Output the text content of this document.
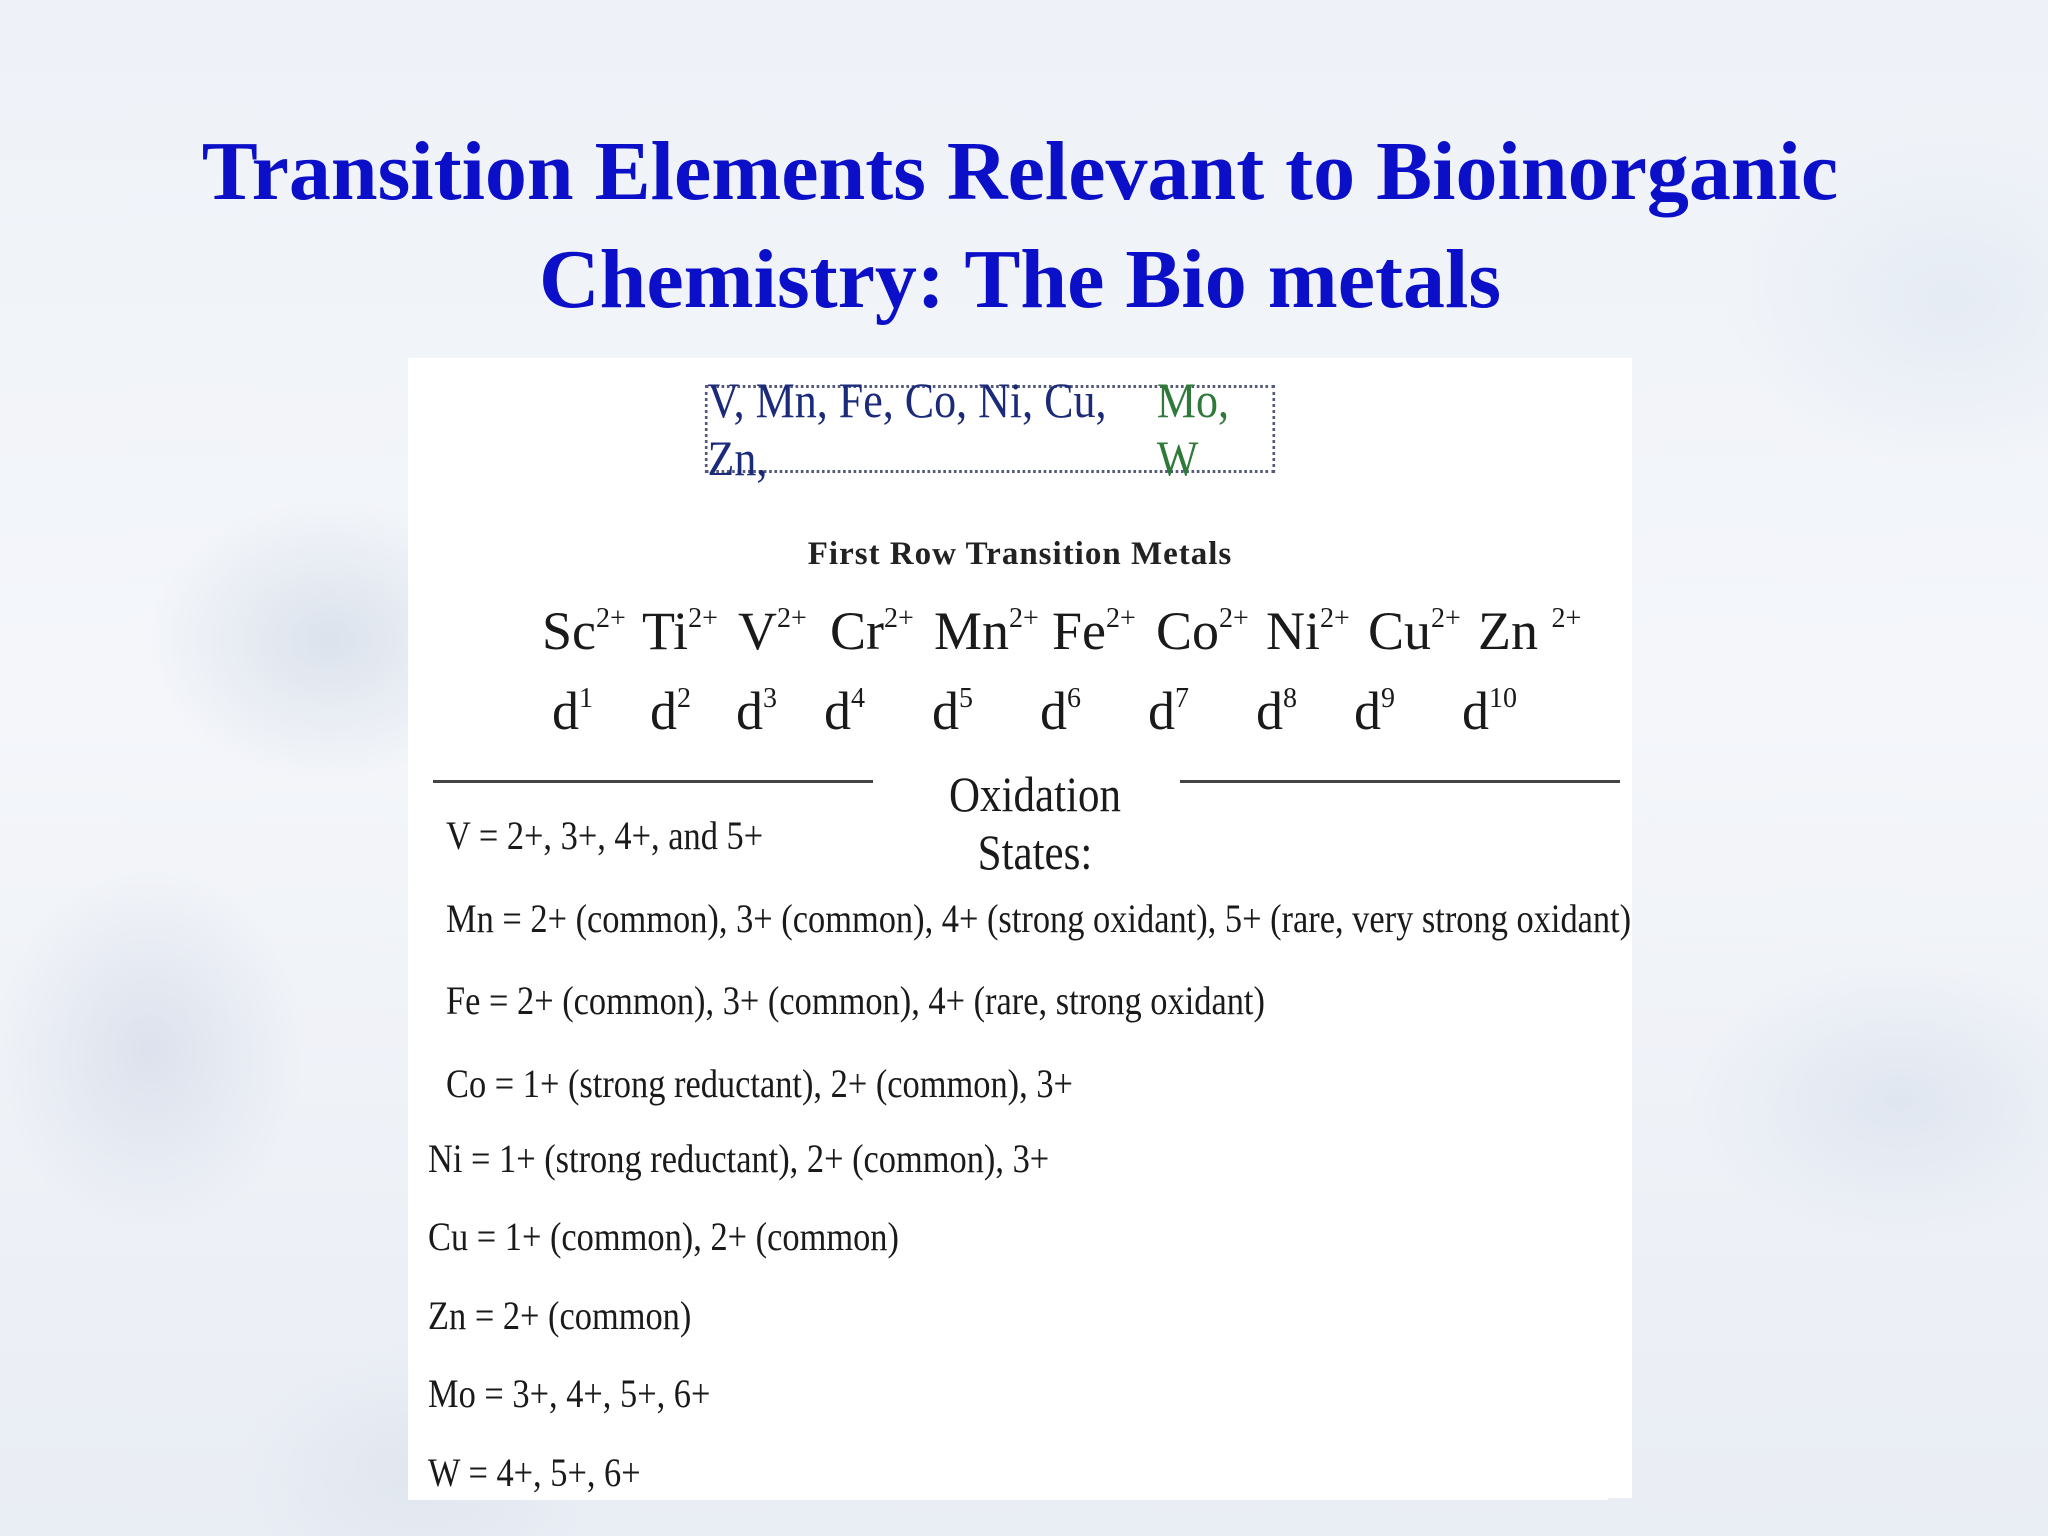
Transition Elements Relevant to Bioinorganic
Chemistry: The Bio metals
V, Mn, Fe, Co, Ni, Cu, Zn,

Mo, W
First Row Transition Metals
$Sc^{2+}$ $Ti^{2+}$ $V^{2+}$ $Cr^{2+}$ $Mn^{2+}$ $Fe^{2+}$ $Co^{2+}$ $Ni^{2+}$ $Cu^{2+}$ Zn $^{2+}$
$d^1$ $d^2$ $d^3$ $d^4$ $d^5$ $d^6$ $d^7$ $d^8$ $d^9$ $d^{10}$
Oxidation States:
V = 2+, 3+, 4+, and 5+
Mn = 2+ (common), 3+ (common), 4+ (strong oxidant), 5+ (rare, very strong oxidant)
Fe = 2+ (common), 3+ (common), 4+ (rare, strong oxidant)
Co = 1+ (strong reductant), 2+ (common), 3+
Ni = 1+ (strong reductant), 2+ (common), 3+
Cu = 1+ (common), 2+ (common)
Zn = 2+ (common)
Mo = 3+, 4+, 5+, 6+
W = 4+, 5+, 6+
